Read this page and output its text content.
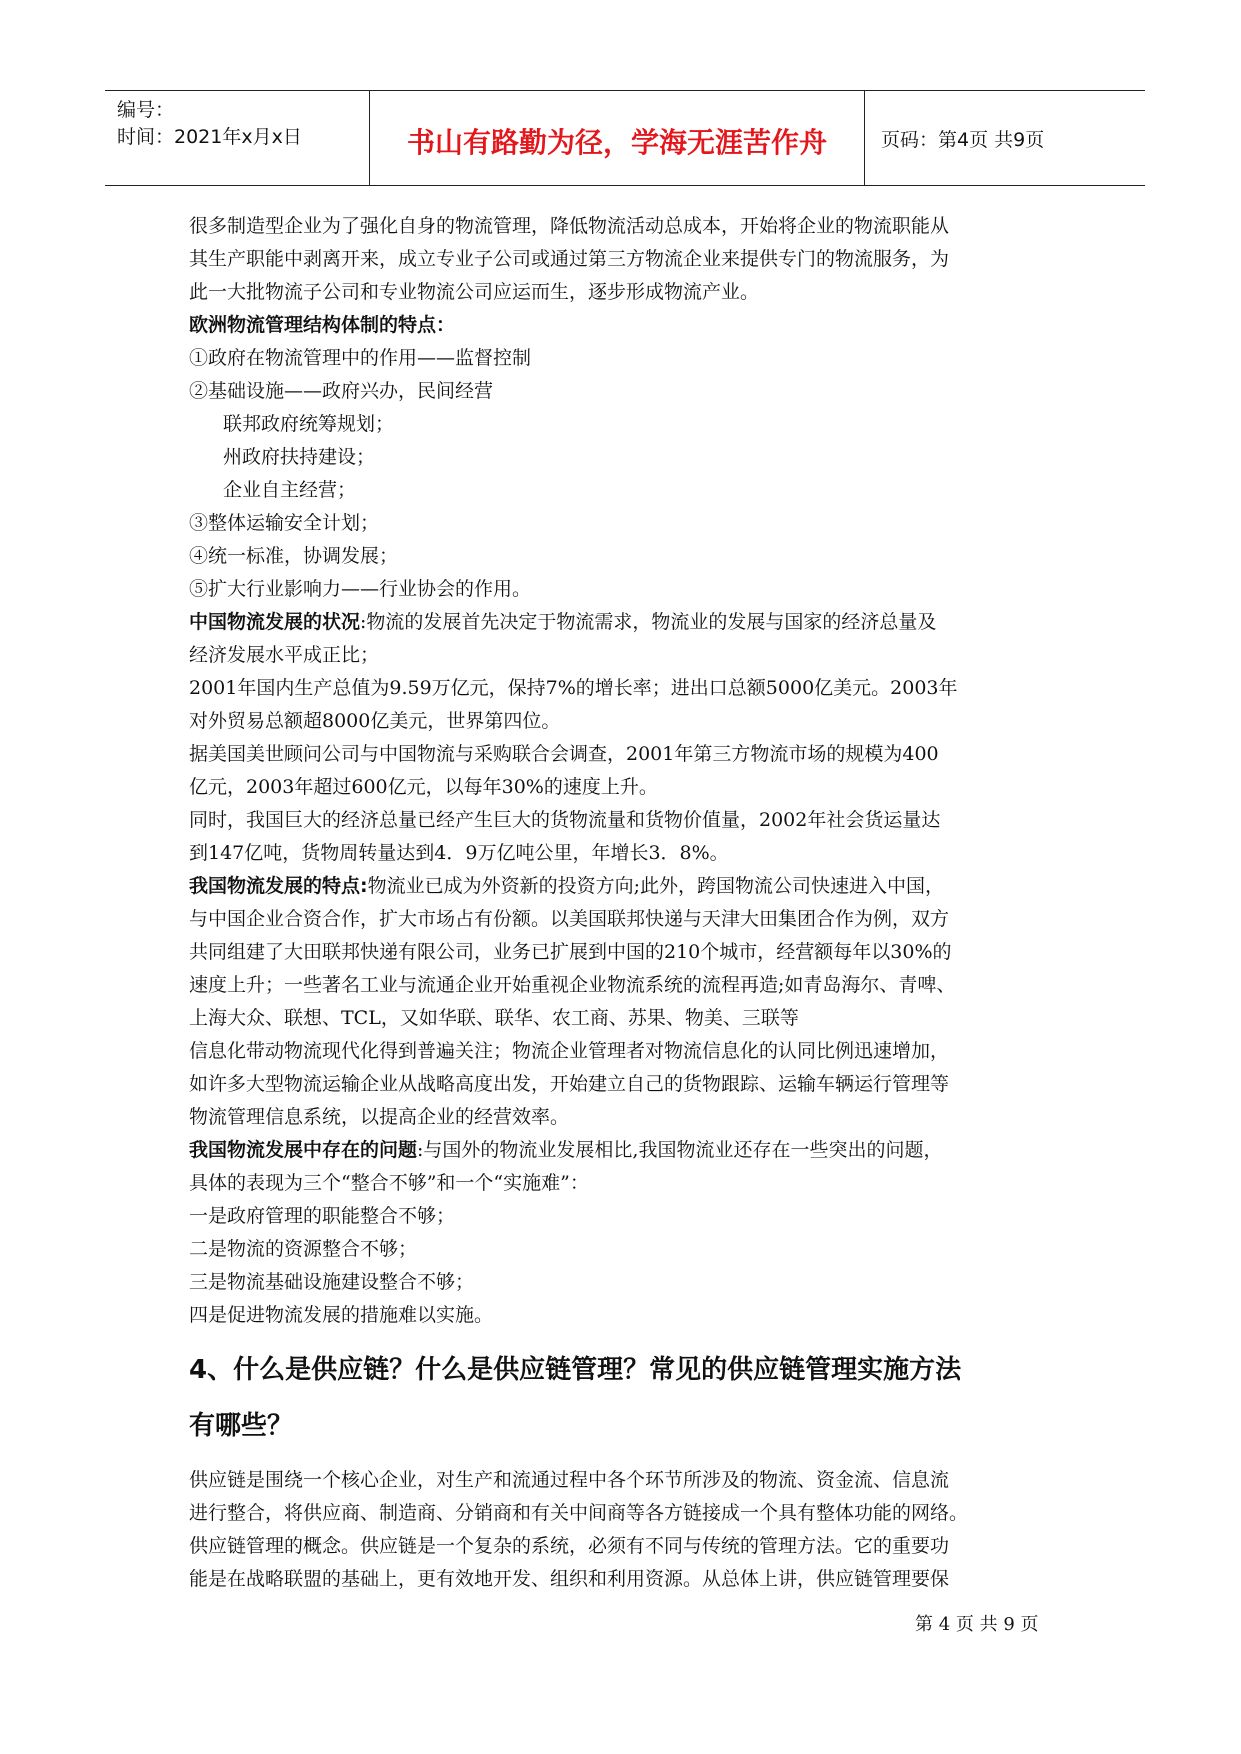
编号：
时间：2021年x月x日	书山有路勤为径，学海无涯苦作舟	页码：第4页 共9页
很多制造型企业为了强化自身的物流管理，降低物流活动总成本，开始将企业的物流职能从
其生产职能中剥离开来，成立专业子公司或通过第三方物流企业来提供专门的物流服务，为
此一大批物流子公司和专业物流公司应运而生，逐步形成物流产业。
欧洲物流管理结构体制的特点：
①政府在物流管理中的作用——监督控制
②基础设施——政府兴办，民间经营
联邦政府统筹规划；
州政府扶持建设；
企业自主经营；
③整体运输安全计划；
④统一标准，协调发展；
⑤扩大行业影响力——行业协会的作用。
中国物流发展的状况:物流的发展首先决定于物流需求，物流业的发展与国家的经济总量及
经济发展水平成正比；
2001年国内生产总值为9.59万亿元，保持7%的增长率；进出口总额5000亿美元。2003年
对外贸易总额超8000亿美元，世界第四位。
据美国美世顾问公司与中国物流与采购联合会调查，2001年第三方物流市场的规模为400
亿元，2003年超过600亿元，以每年30%的速度上升。
同时，我国巨大的经济总量已经产生巨大的货物流量和货物价值量，2002年社会货运量达
到147亿吨，货物周转量达到4．9万亿吨公里，年增长3．8%。
我国物流发展的特点:物流业已成为外资新的投资方向;此外，跨国物流公司快速进入中国，
与中国企业合资合作，扩大市场占有份额。以美国联邦快递与天津大田集团合作为例，双方
共同组建了大田联邦快递有限公司，业务已扩展到中国的210个城市，经营额每年以30%的
速度上升；一些著名工业与流通企业开始重视企业物流系统的流程再造;如青岛海尔、青啤、
上海大众、联想、TCL，又如华联、联华、农工商、苏果、物美、三联等
信息化带动物流现代化得到普遍关注；物流企业管理者对物流信息化的认同比例迅速增加，
如许多大型物流运输企业从战略高度出发，开始建立自己的货物跟踪、运输车辆运行管理等
物流管理信息系统，以提高企业的经营效率。
我国物流发展中存在的问题:与国外的物流业发展相比,我国物流业还存在一些突出的问题，
具体的表现为三个“整合不够”和一个“实施难”：
一是政府管理的职能整合不够；
二是物流的资源整合不够；
三是物流基础设施建设整合不够；
四是促进物流发展的措施难以实施。
4、什么是供应链？什么是供应链管理？常见的供应链管理实施方法
有哪些？
供应链是围绕一个核心企业，对生产和流通过程中各个环节所涉及的物流、资金流、信息流
进行整合，将供应商、制造商、分销商和有关中间商等各方链接成一个具有整体功能的网络。
供应链管理的概念。供应链是一个复杂的系统，必须有不同与传统的管理方法。它的重要功
能是在战略联盟的基础上，更有效地开发、组织和利用资源。从总体上讲，供应链管理要保
第 4 页 共 9 页
